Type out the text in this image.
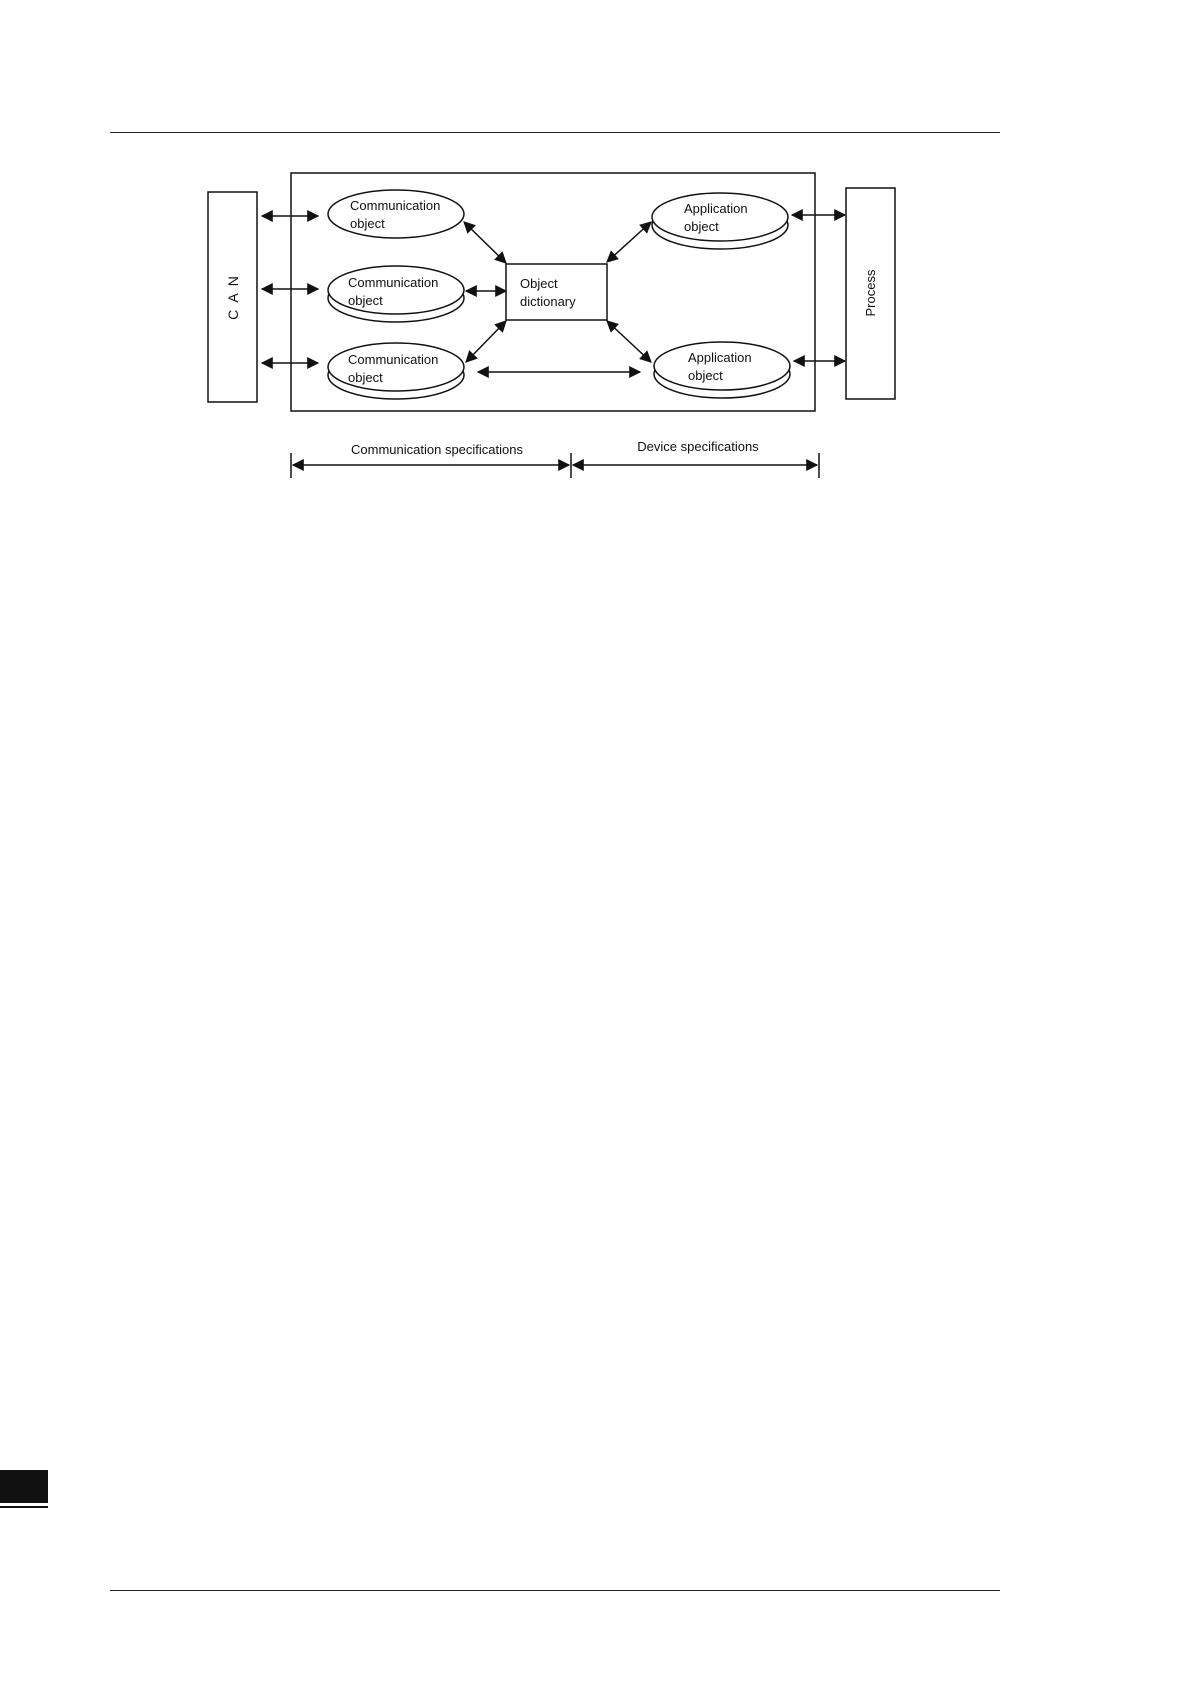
C A N	Process
Object
dictionary
Communication
object
Communication
object
Communication
object
Application
object
Application
object
Communication specifications	Device specifications
